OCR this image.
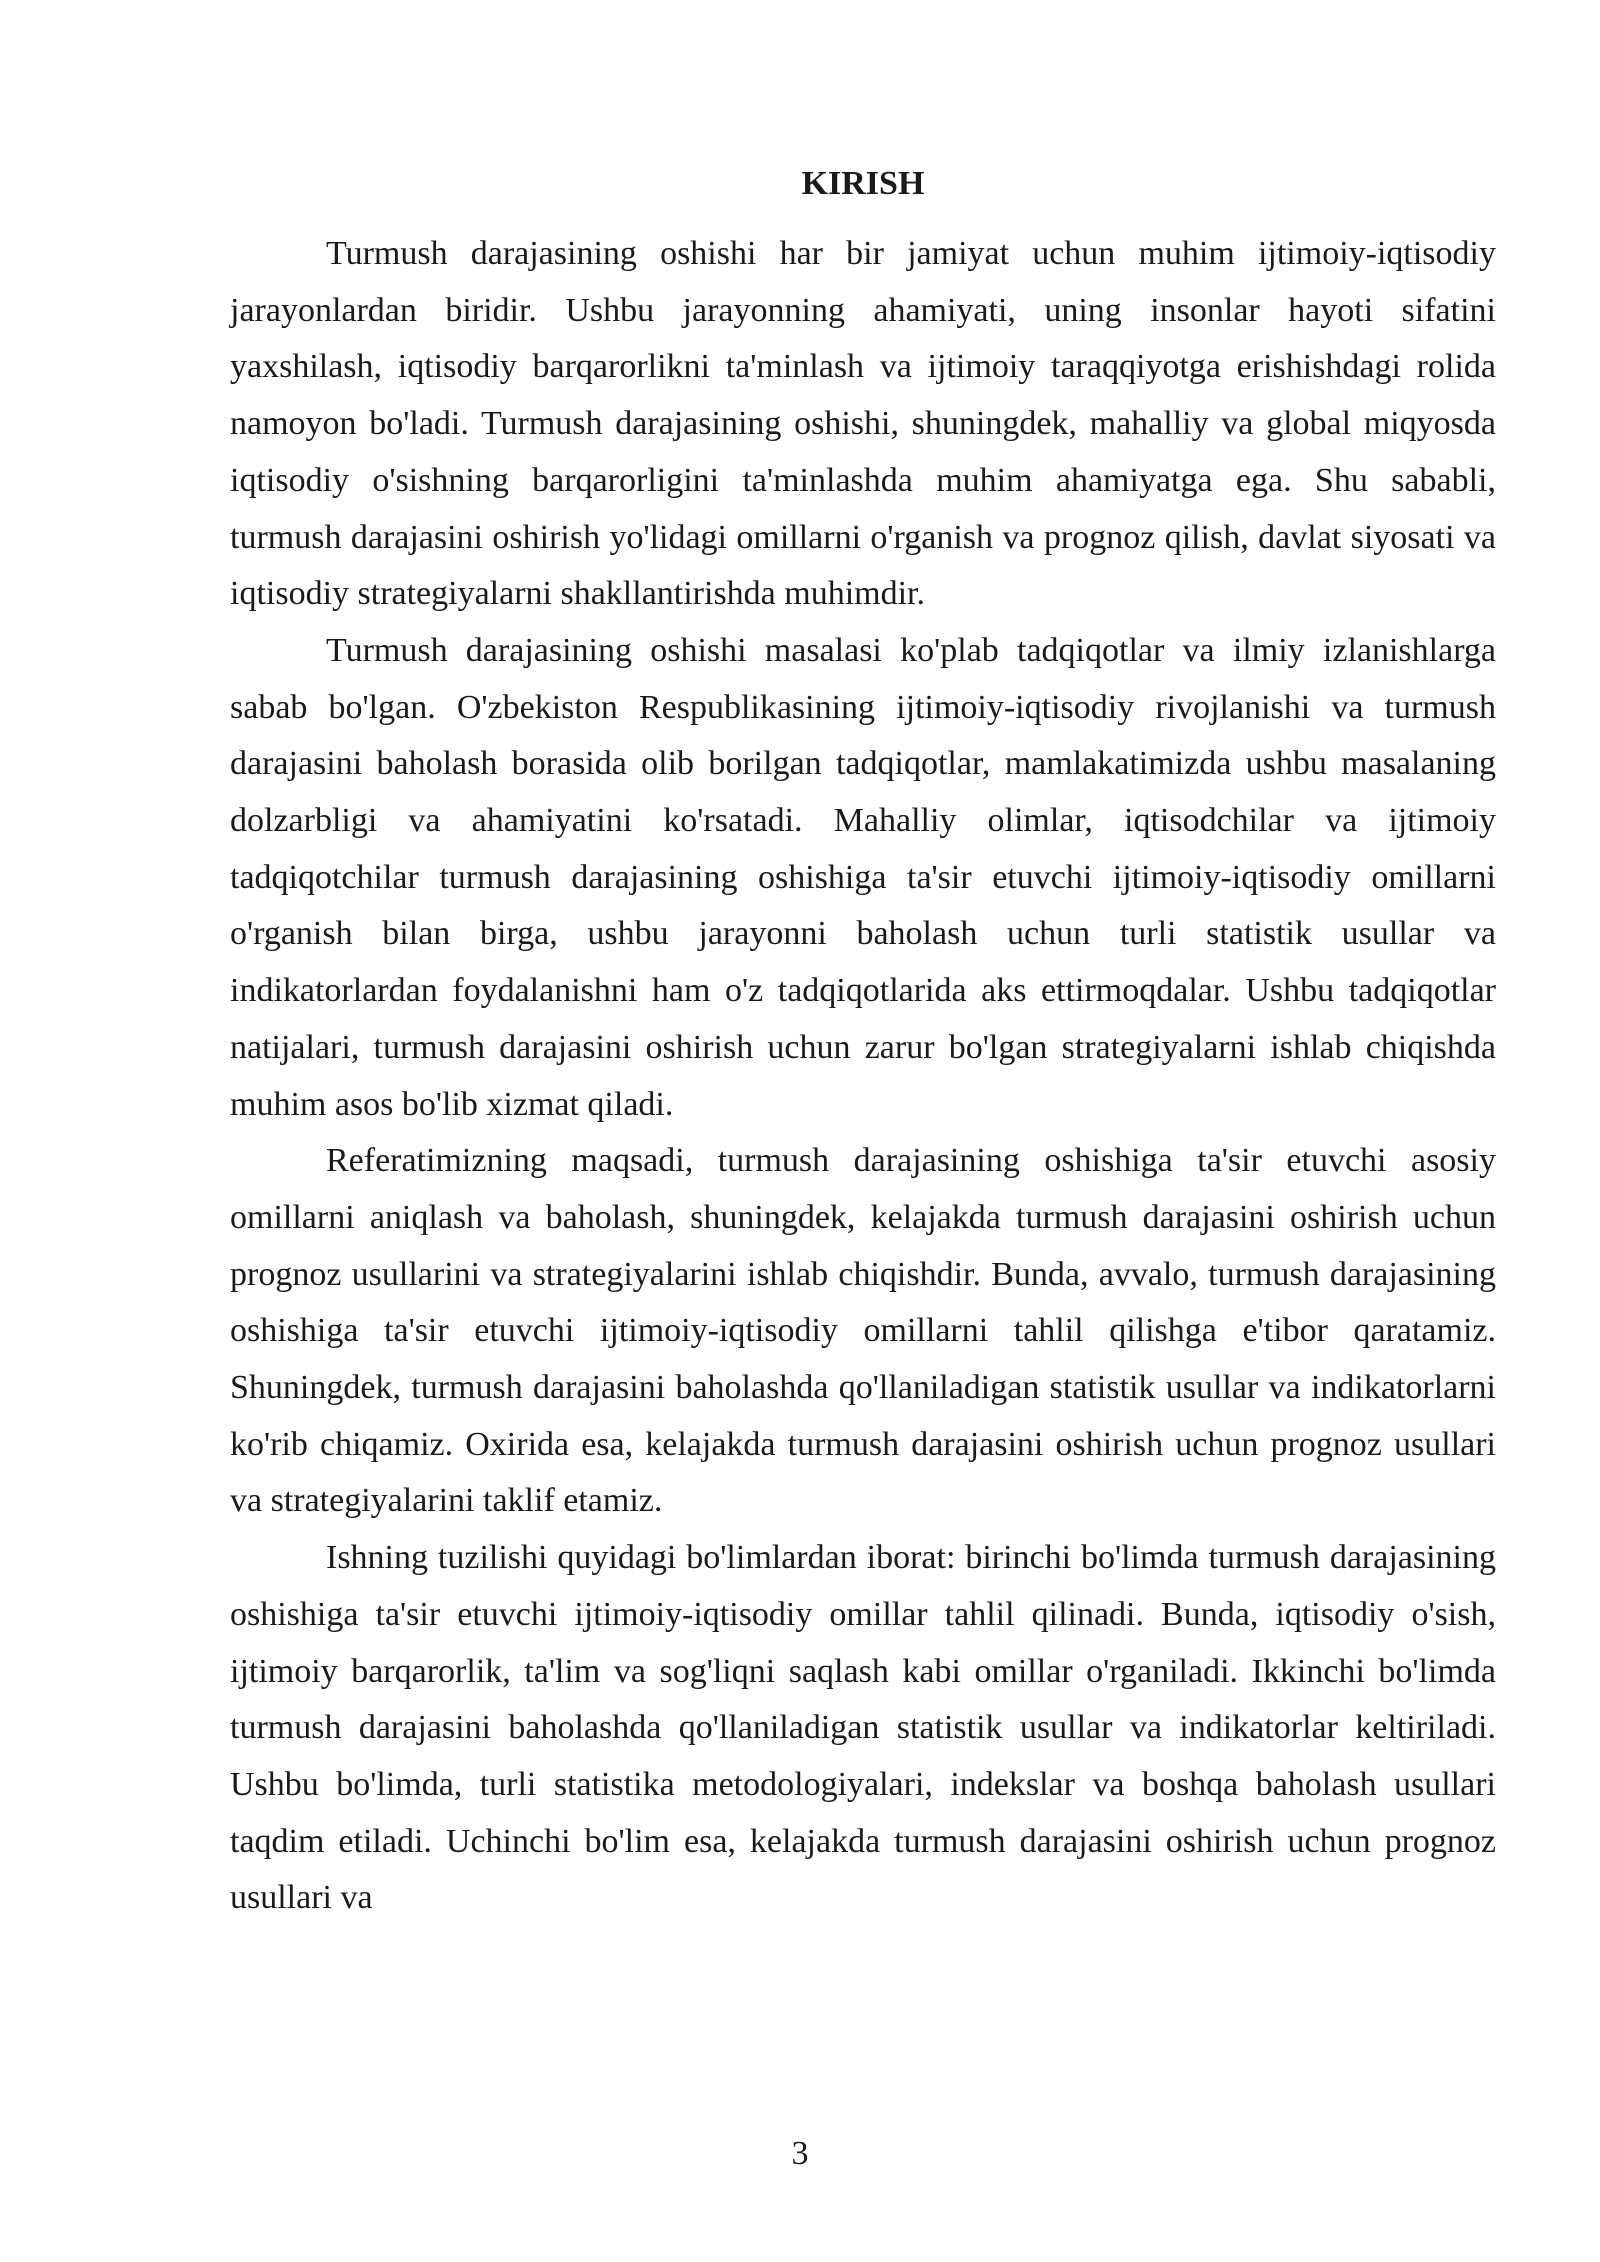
KIRISH

Turmush darajasining oshishi har bir jamiyat uchun muhim ijtimoiy-iqtisodiy jarayonlardan biridir. Ushbu jarayonning ahamiyati, uning insonlar hayoti sifatini yaxshilash, iqtisodiy barqarorlikni ta'minlash va ijtimoiy taraqqiyotga erishishdagi rolida namoyon bo'ladi. Turmush darajasining oshishi, shuningdek, mahalliy va global miqyosda iqtisodiy o'sishning barqarorligini ta'minlashda muhim ahamiyatga ega. Shu sababli, turmush darajasini oshirish yo'lidagi omillarni o'rganish va prognoz qilish, davlat siyosati va iqtisodiy strategiyalarni shakllantirishda muhimdir.

Turmush darajasining oshishi masalasi ko'plab tadqiqotlar va ilmiy izlanishlarga sabab bo'lgan. O'zbekiston Respublikasining ijtimoiy-iqtisodiy rivojlanishi va turmush darajasini baholash borasida olib borilgan tadqiqotlar, mamlakatimizda ushbu masalaning dolzarbligi va ahamiyatini ko'rsatadi. Mahalliy olimlar, iqtisodchilar va ijtimoiy tadqiqotchilar turmush darajasining oshishiga ta'sir etuvchi ijtimoiy-iqtisodiy omillarni o'rganish bilan birga, ushbu jarayonni baholash uchun turli statistik usullar va indikatorlardan foydalanishni ham o'z tadqiqotlarida aks ettirmoqdalar. Ushbu tadqiqotlar natijalari, turmush darajasini oshirish uchun zarur bo'lgan strategiyalarni ishlab chiqishda muhim asos bo'lib xizmat qiladi.

Referatimizning maqsadi, turmush darajasining oshishiga ta'sir etuvchi asosiy omillarni aniqlash va baholash, shuningdek, kelajakda turmush darajasini oshirish uchun prognoz usullarini va strategiyalarini ishlab chiqishdir. Bunda, avvalo, turmush darajasining oshishiga ta'sir etuvchi ijtimoiy-iqtisodiy omillarni tahlil qilishga e'tibor qaratamiz. Shuningdek, turmush darajasini baholashda qo'llaniladigan statistik usullar va indikatorlarni ko'rib chiqamiz. Oxirida esa, kelajakda turmush darajasini oshirish uchun prognoz usullari va strategiyalarini taklif etamiz.

Ishning tuzilishi quyidagi bo'limlardan iborat: birinchi bo'limda turmush darajasining oshishiga ta'sir etuvchi ijtimoiy-iqtisodiy omillar tahlil qilinadi. Bunda, iqtisodiy o'sish, ijtimoiy barqarorlik, ta'lim va sog'liqni saqlash kabi omillar o'rganiladi. Ikkinchi bo'limda turmush darajasini baholashda qo'llaniladigan statistik usullar va indikatorlar keltiriladi. Ushbu bo'limda, turli statistika metodologiyalari, indekslar va boshqa baholash usullari taqdim etiladi. Uchinchi bo'lim esa, kelajakda turmush darajasini oshirish uchun prognoz usullari va

3
